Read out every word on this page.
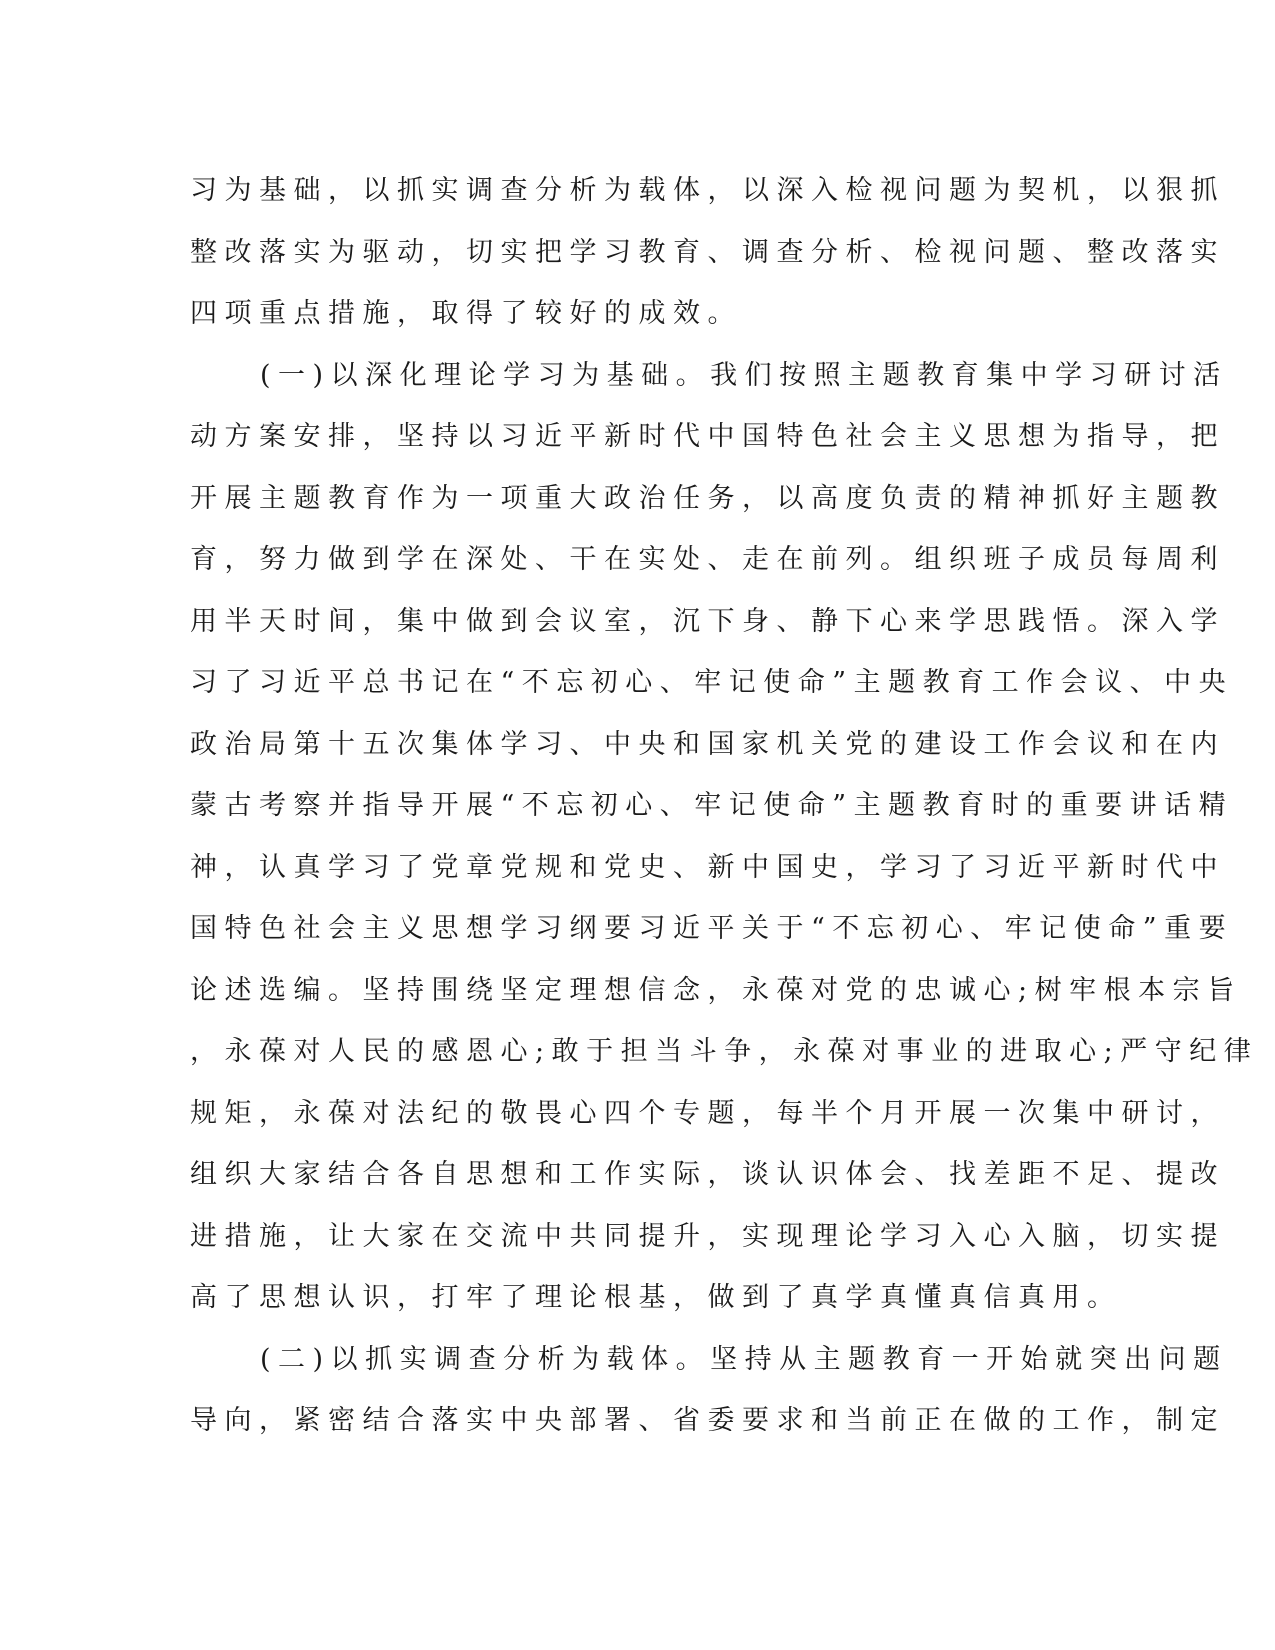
习为基础，以抓实调查分析为载体，以深入检视问题为契机，以狠抓
整改落实为驱动，切实把学习教育、调查分析、检视问题、整改落实
四项重点措施，取得了较好的成效。
(一)以深化理论学习为基础。我们按照主题教育集中学习研讨活
动方案安排，坚持以习近平新时代中国特色社会主义思想为指导，把
开展主题教育作为一项重大政治任务，以高度负责的精神抓好主题教
育，努力做到学在深处、干在实处、走在前列。组织班子成员每周利
用半天时间，集中做到会议室，沉下身、静下心来学思践悟。深入学
习了习近平总书记在“不忘初心、牢记使命”主题教育工作会议、中央
政治局第十五次集体学习、中央和国家机关党的建设工作会议和在内
蒙古考察并指导开展“不忘初心、牢记使命”主题教育时的重要讲话精
神，认真学习了党章党规和党史、新中国史，学习了习近平新时代中
国特色社会主义思想学习纲要习近平关于“不忘初心、牢记使命”重要
论述选编。坚持围绕坚定理想信念，永葆对党的忠诚心;树牢根本宗旨
，永葆对人民的感恩心;敢于担当斗争，永葆对事业的进取心;严守纪律
规矩，永葆对法纪的敬畏心四个专题，每半个月开展一次集中研讨，
组织大家结合各自思想和工作实际，谈认识体会、找差距不足、提改
进措施，让大家在交流中共同提升，实现理论学习入心入脑，切实提
高了思想认识，打牢了理论根基，做到了真学真懂真信真用。
(二)以抓实调查分析为载体。坚持从主题教育一开始就突出问题
导向，紧密结合落实中央部署、省委要求和当前正在做的工作，制定
